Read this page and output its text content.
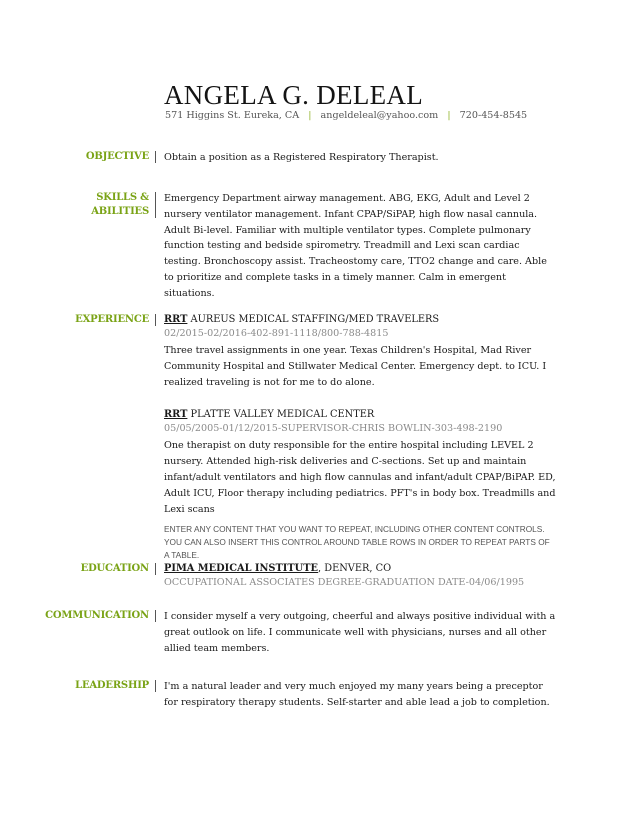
ANGELA G. DELEAL
571 Higgins St. Eureka, CA | angeldeleal@yahoo.com | 720-454-8545
OBJECTIVE Obtain a position as a Registered Respiratory Therapist.

SKILLS &
ABILITIES

Emergency Department airway management. ABG, EKG, Adult and Level 2 nursery ventilator management. Infant CPAP/SiPAP, high flow nasal cannula. Adult Bi-level. Familiar with multiple ventilator types. Complete pulmonary function testing and bedside spirometry. Treadmill and Lexi scan cardiac testing. Bronchoscopy assist. Tracheostomy care, TTO2 change and care. Able to prioritize and complete tasks in a timely manner. Calm in emergent situations.

EXPERIENCE RRT AUREUS MEDICAL STAFFING/MED TRAVELERS

02/2015-02/2016-402-891-1118/800-788-4815

Three travel assignments in one year. Texas Children's Hospital, Mad River Community Hospital and Stillwater Medical Center. Emergency dept. to ICU. I realized traveling is not for me to do alone.

RRT PLATTE VALLEY MEDICAL CENTER

05/05/2005-01/12/2015-SUPERVISOR-CHRIS BOWLIN-303-498-2190

One therapist on duty responsible for the entire hospital including LEVEL 2 nursery. Attended high-risk deliveries and C-sections. Set up and maintain infant/adult ventilators and high flow cannulas and infant/adult CPAP/BiPAP. ED, Adult ICU, Floor therapy including pediatrics. PFT's in body box. Treadmills and Lexi scans

ENTER ANY CONTENT THAT YOU WANT TO REPEAT, INCLUDING OTHER CONTENT CONTROLS. YOU CAN ALSO INSERT THIS CONTROL AROUND TABLE ROWS IN ORDER TO REPEAT PARTS OF A TABLE.

EDUCATION PIMA MEDICAL INSTITUTE, DENVER, CO

OCCUPATIONAL ASSOCIATES DEGREE-GRADUATION DATE-04/06/1995

COMMUNICATION I consider myself a very outgoing, cheerful and always positive individual with a great outlook on life. I communicate well with physicians, nurses and all other allied team members.

LEADERSHIP I'm a natural leader and very much enjoyed my many years being a preceptor for respiratory therapy students. Self-starter and able lead a job to completion.
